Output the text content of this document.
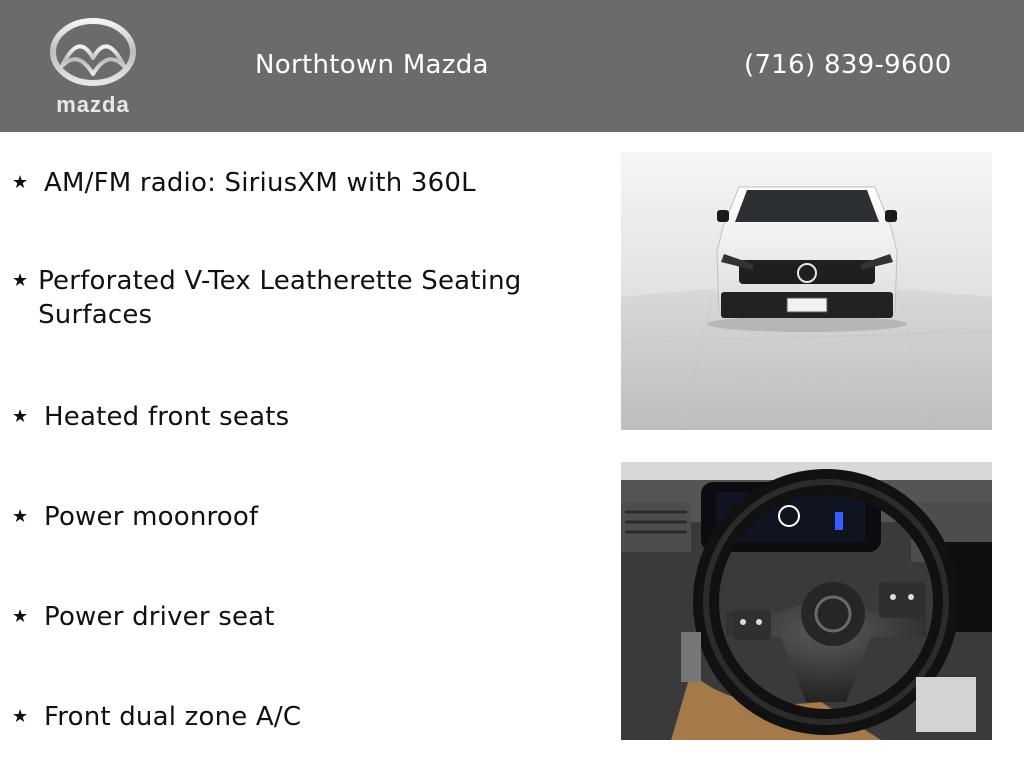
mazda
Northtown Mazda	(716) 839-9600
★ AM/FM radio: SiriusXM with 360L
★ Perforated V-Tex Leatherette Seating Surfaces
★ Heated front seats
★ Power moonroof
★ Power driver seat
★ Front dual zone A/C
